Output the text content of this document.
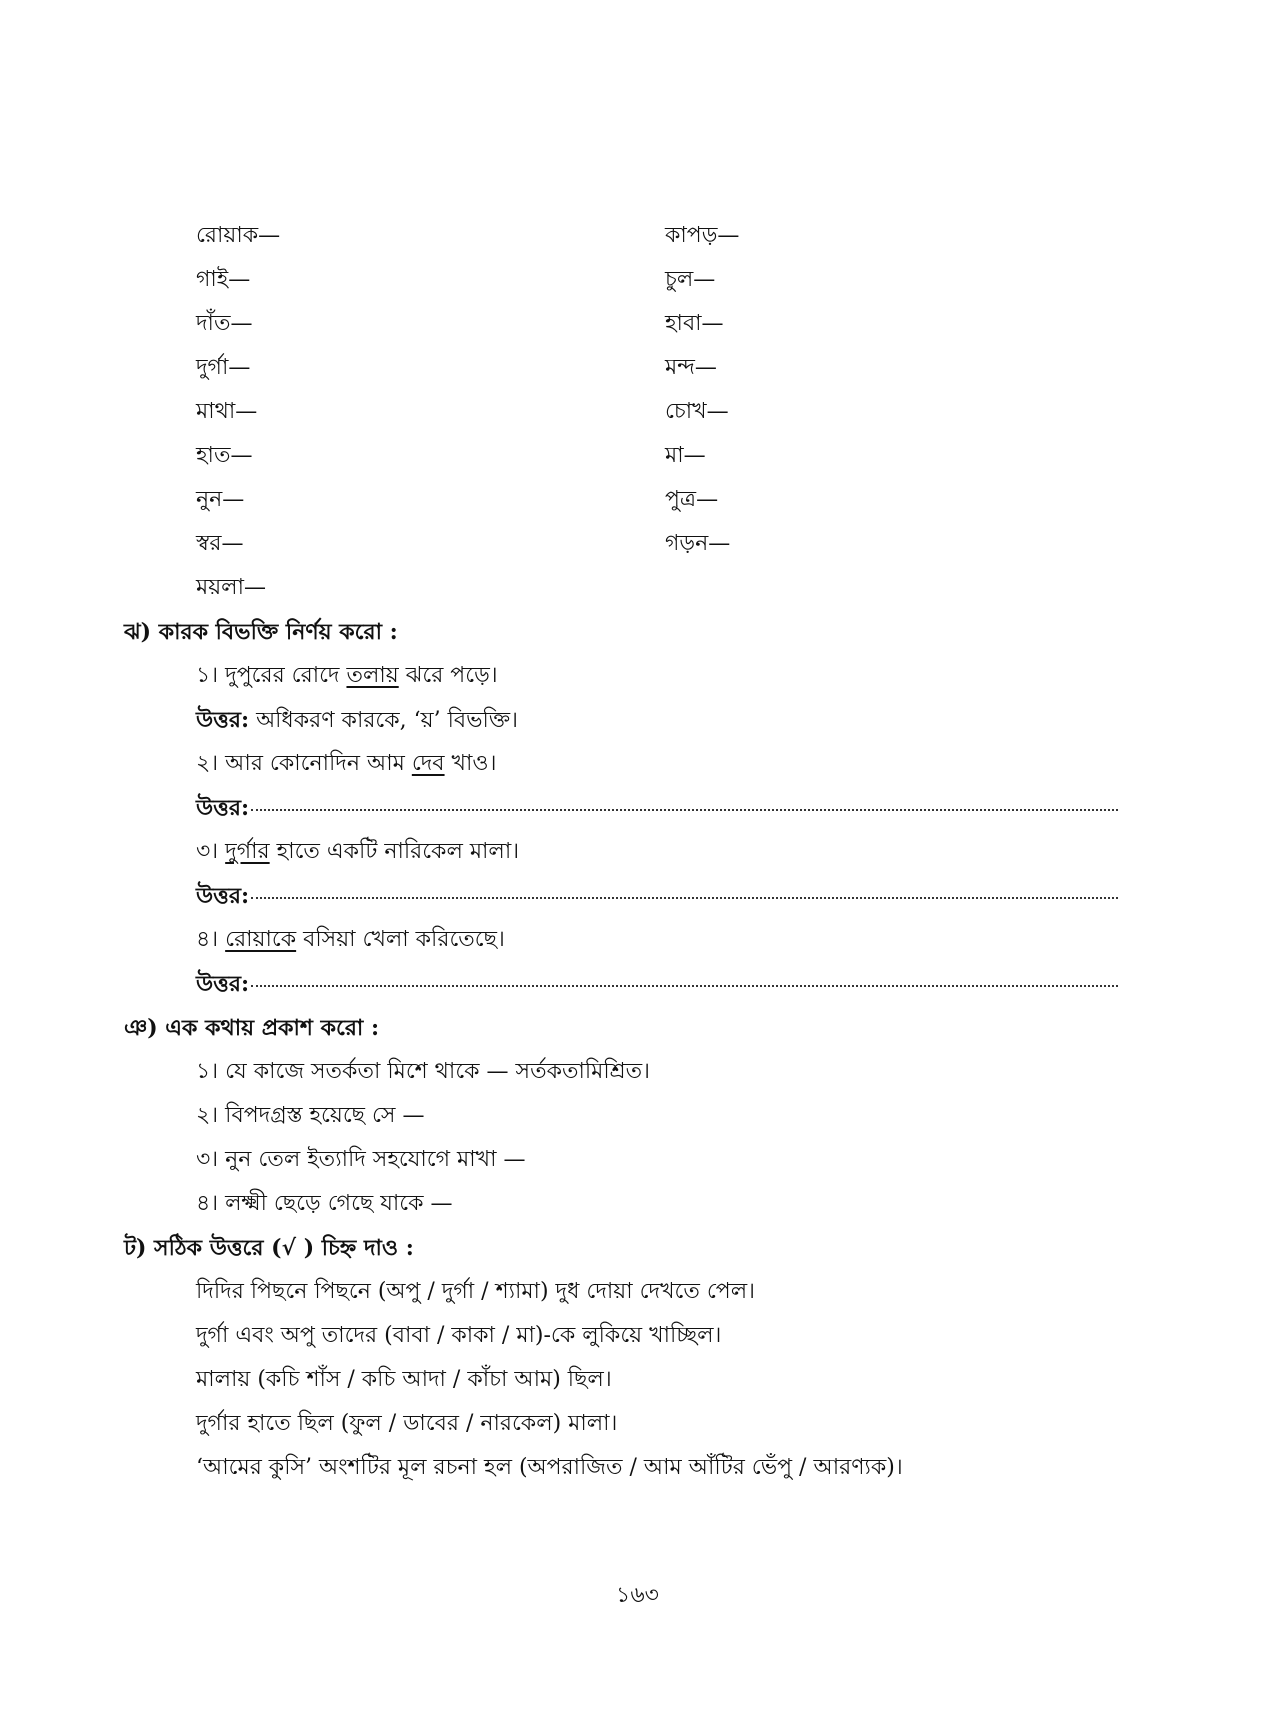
রোয়াক—
গাই—
দাঁত—
দুর্গা—
মাথা—
হাত—
নুন—
স্বর—
ময়লা—
কাপড়—
চুল—
হাবা—
মন্দ—
চোখ—
মা—
পুত্র—
গড়ন—
ঝ) কারক বিভক্তি নির্ণয় করো :
১। দুপুরের রোদে তলায় ঝরে পড়ে।
উত্তর: অধিকরণ কারকে, ‘য়’ বিভক্তি।
২। আর কোনোদিন আম দেব খাও।
উত্তর:
৩। দুর্গার হাতে একটি নারিকেল মালা।
উত্তর:
৪। রোয়াকে বসিয়া খেলা করিতেছে।
উত্তর:
ঞ) এক কথায় প্রকাশ করো :
১। যে কাজে সতর্কতা মিশে থাকে — সর্তকতামিশ্রিত।
২। বিপদগ্রস্ত হয়েছে সে —
৩। নুন তেল ইত্যাদি সহযোগে মাখা —
৪। লক্ষ্মী ছেড়ে গেছে যাকে —
ট) সঠিক উত্তরে (√ ) চিহ্ন দাও :
দিদির পিছনে পিছনে (অপু / দুর্গা / শ্যামা) দুধ দোয়া দেখতে পেল।
দুর্গা এবং অপু তাদের (বাবা / কাকা / মা)-কে লুকিয়ে খাচ্ছিল।
মালায় (কচি শাঁস / কচি আদা / কাঁচা আম) ছিল।
দুর্গার হাতে ছিল (ফুল / ডাবের / নারকেল) মালা।
‘আমের কুসি’ অংশটির মূল রচনা হল (অপরাজিত / আম আঁটির ভেঁপু / আরণ্যক)।
১৬৩
